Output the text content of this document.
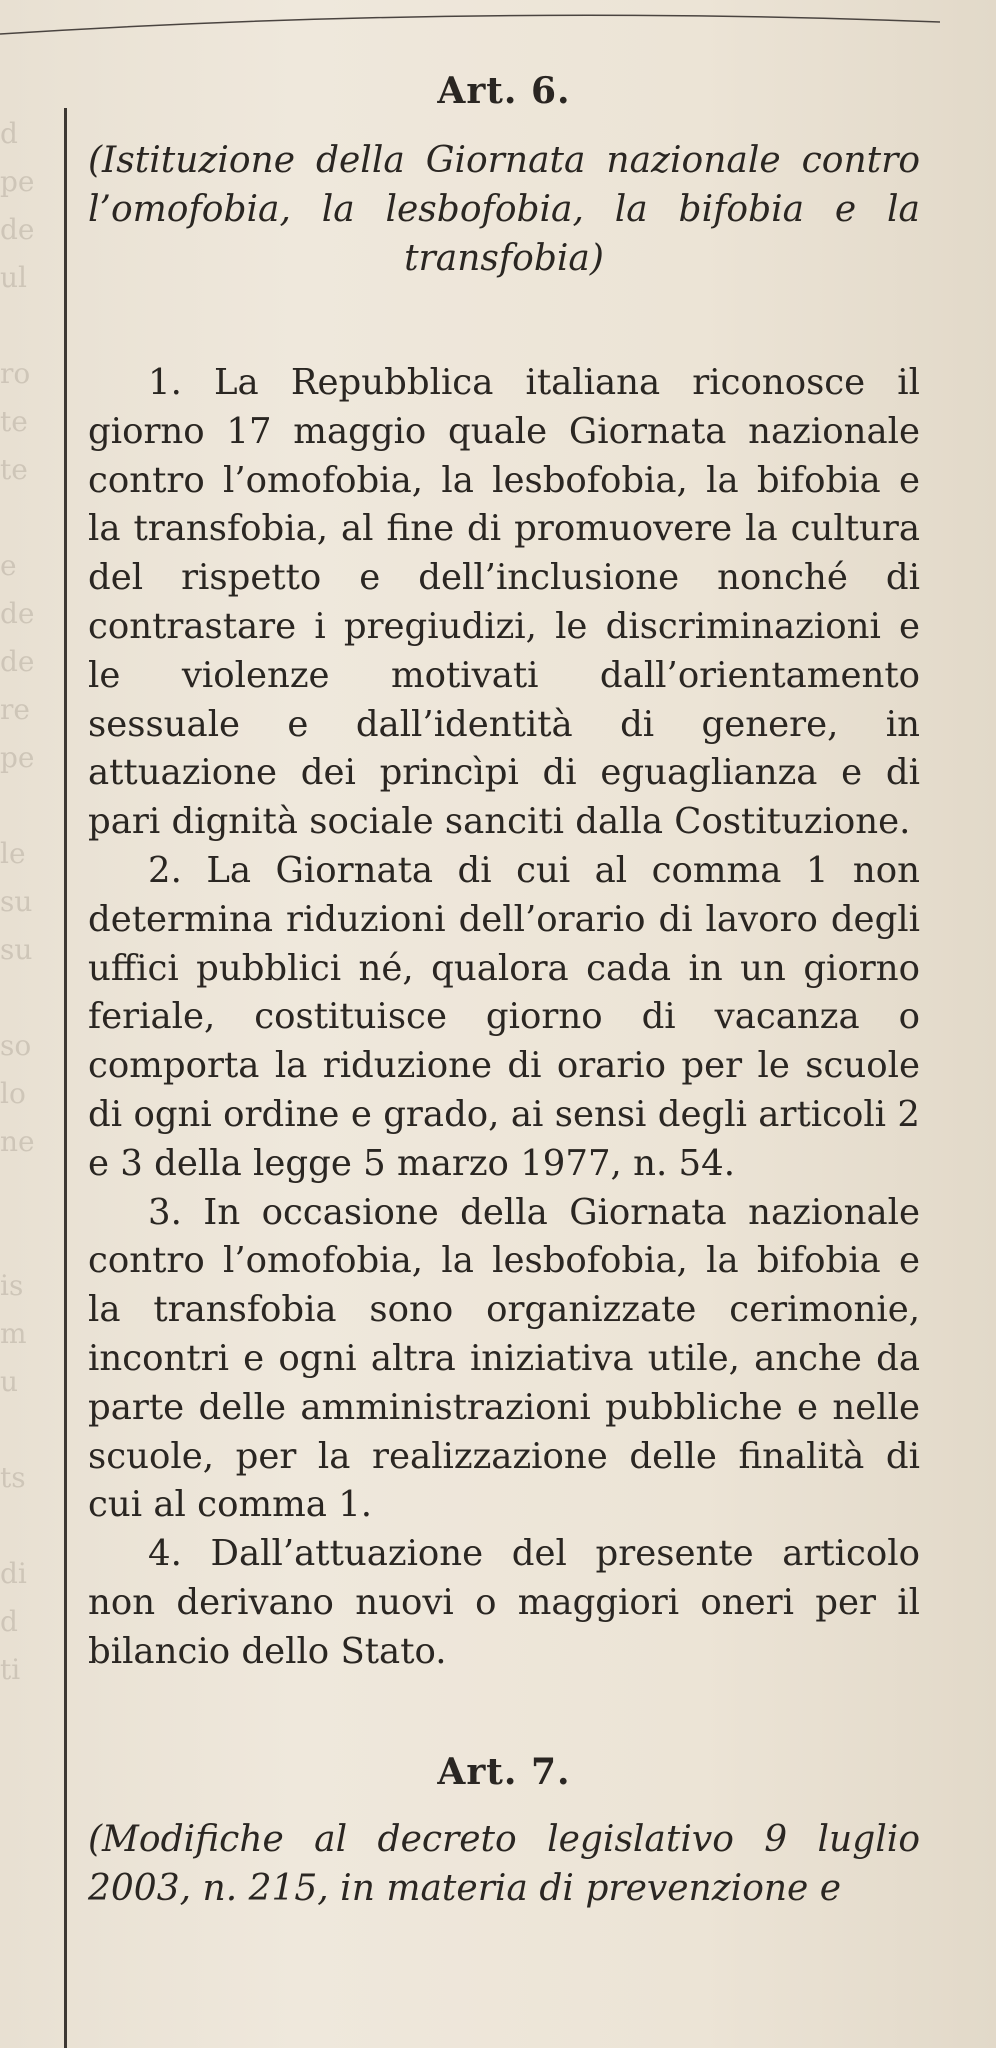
d
pe
de
ul

ro
te
te

e
de
de
re
pe

le
su
su

so
lo
ne

is
m
u

ts

di
d
ti
Art. 6.
(Istituzione della Giornata nazionale contro l’omofobia, la lesbofobia, la bifobia e la transfobia)

1. La Repubblica italiana riconosce il giorno 17 maggio quale Giornata nazionale contro l’omofobia, la lesbofobia, la bifobia e la transfobia, al fine di promuovere la cultura del rispetto e dell’inclusione nonché di contrastare i pregiudizi, le discriminazioni e le violenze motivati dall’orientamento sessuale e dall’identità di genere, in attuazione dei princìpi di eguaglianza e di pari dignità sociale sanciti dalla Costituzione.

2. La Giornata di cui al comma 1 non determina riduzioni dell’orario di lavoro degli uffici pubblici né, qualora cada in un giorno feriale, costituisce giorno di vacanza o comporta la riduzione di orario per le scuole di ogni ordine e grado, ai sensi degli articoli 2 e 3 della legge 5 marzo 1977, n. 54.

3. In occasione della Giornata nazionale contro l’omofobia, la lesbofobia, la bifobia e la transfobia sono organizzate cerimonie, incontri e ogni altra iniziativa utile, anche da parte delle amministrazioni pubbliche e nelle scuole, per la realizzazione delle finalità di cui al comma 1.

4. Dall’attuazione del presente articolo non derivano nuovi o maggiori oneri per il bilancio dello Stato.

Art. 7.
(Modifiche al decreto legislativo 9 luglio 2003, n. 215, in materia di prevenzione e
